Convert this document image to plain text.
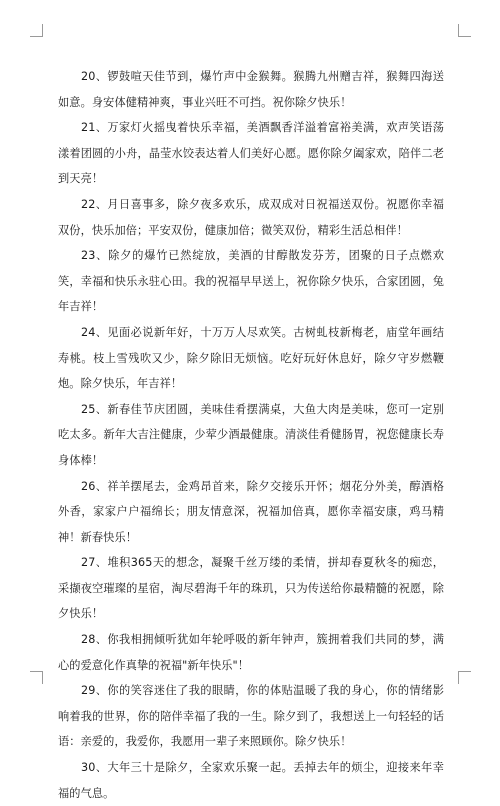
20、锣鼓喧天佳节到，爆竹声中金猴舞。猴腾九州赠吉祥，猴舞四海送如意。身安体健精神爽，事业兴旺不可挡。祝你除夕快乐！

21、万家灯火摇曳着快乐幸福，美酒飘香洋溢着富裕美满，欢声笑语荡漾着团圆的小舟，晶莹水饺表达着人们美好心愿。愿你除夕阖家欢，陪伴二老到天亮！

22、月日喜事多，除夕夜多欢乐，成双成对日祝福送双份。祝愿你幸福双份，快乐加倍；平安双份，健康加倍；微笑双份，精彩生活总相伴！

23、除夕的爆竹已然绽放，美酒的甘醇散发芬芳，团聚的日子点燃欢笑，幸福和快乐永驻心田。我的祝福早早送上，祝你除夕快乐，合家团圆，兔年吉祥！

24、见面必说新年好，十万万人尽欢笑。古树虬枝新梅老，庙堂年画结寿桃。枝上雪残吹又少，除夕除旧无烦恼。吃好玩好休息好，除夕守岁燃鞭炮。除夕快乐，年吉祥！

25、新春佳节庆团圆，美味佳肴摆满桌，大鱼大肉是美味，您可一定别吃太多。新年大吉注健康，少荤少酒最健康。清淡佳肴健肠胃，祝您健康长寿身体棒！

26、祥羊摆尾去，金鸡昂首来，除夕交接乐开怀；烟花分外美，醇酒格外香，家家户户福绵长；朋友情意深，祝福加倍真，愿你幸福安康，鸡马精神！新春快乐！

27、堆积365天的想念，凝聚千丝万缕的柔情，拼却春夏秋冬的痴恋，采撷夜空璀璨的星宿，淘尽碧海千年的珠玑，只为传送给你最精髓的祝愿，除夕快乐！

28、你我相拥倾听犹如年轮呼吸的新年钟声，簇拥着我们共同的梦，满心的爱意化作真挚的祝福"新年快乐"！

29、你的笑容迷住了我的眼睛，你的体贴温暖了我的身心，你的情绪影响着我的世界，你的陪伴幸福了我的一生。除夕到了，我想送上一句轻轻的话语：亲爱的，我爱你，我愿用一辈子来照顾你。除夕快乐！

30、大年三十是除夕，全家欢乐聚一起。丢掉去年的烦尘，迎接来年幸福的气息。
